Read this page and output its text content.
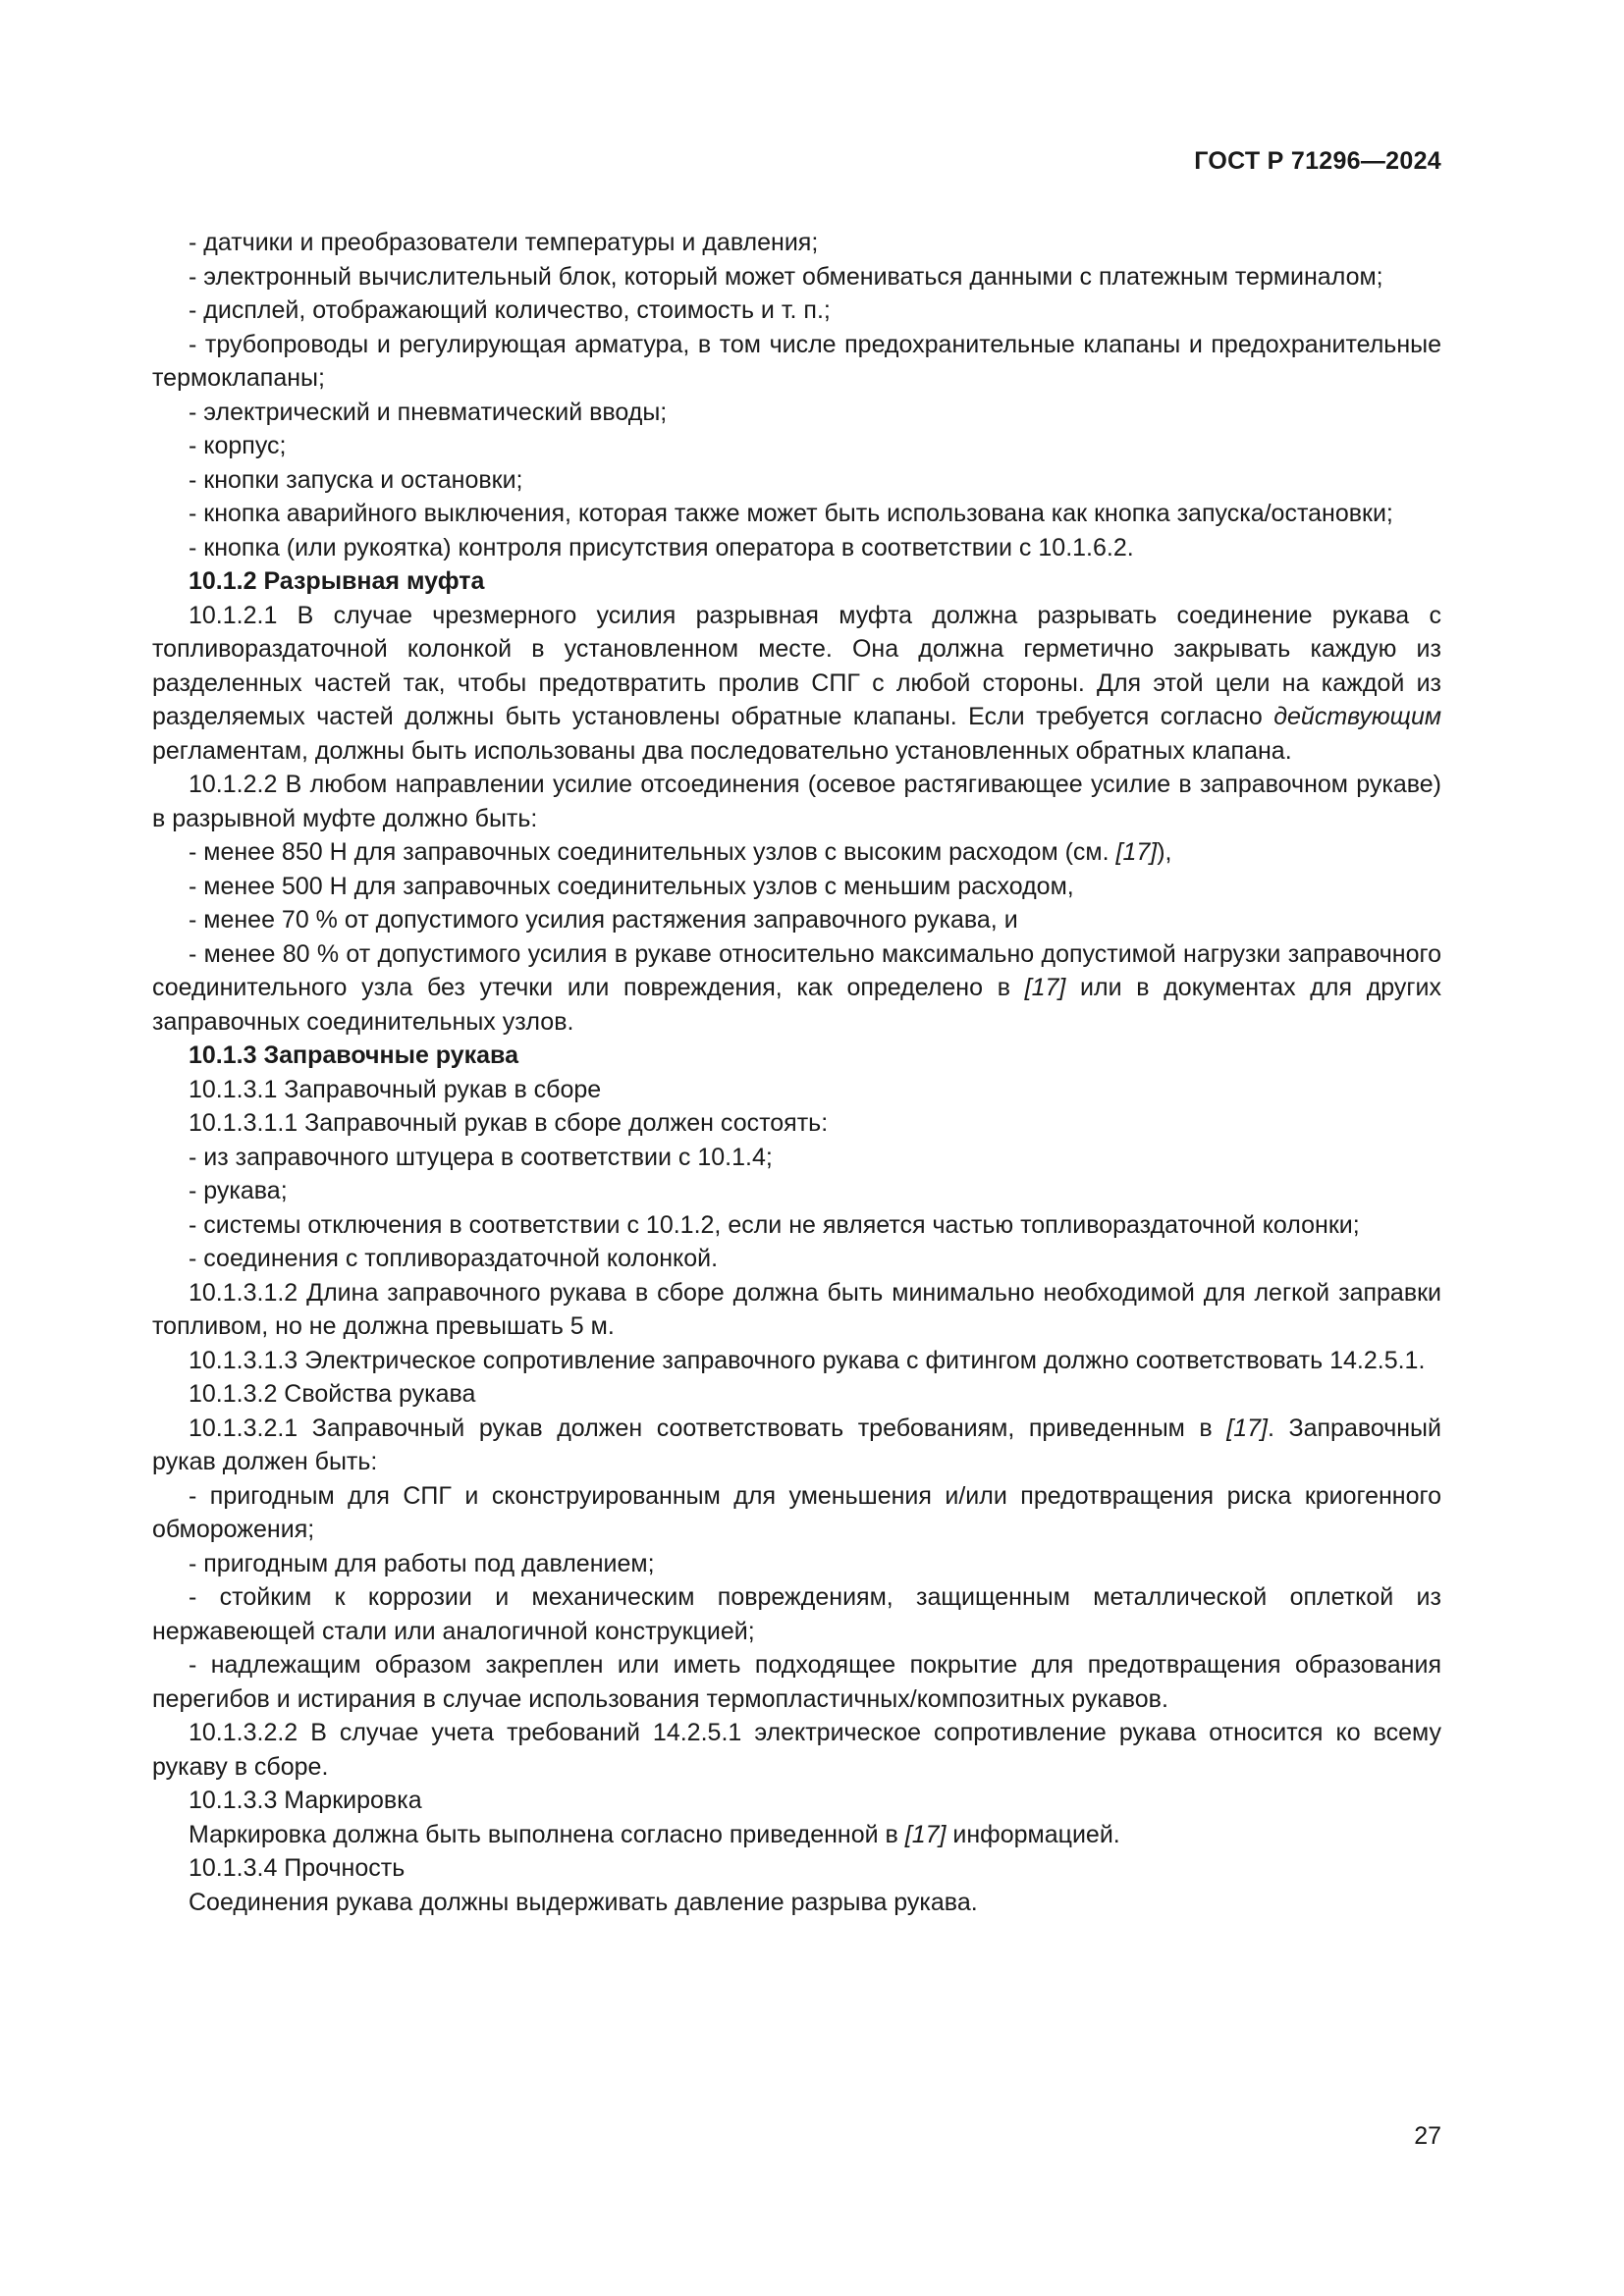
ГОСТ Р 71296—2024

- датчики и преобразователи температуры и давления;

- электронный вычислительный блок, который может обмениваться данными с платежным терминалом;

- дисплей, отображающий количество, стоимость и т. п.;

- трубопроводы и регулирующая арматура, в том числе предохранительные клапаны и предохранительные термоклапаны;

- электрический и пневматический вводы;

- корпус;

- кнопки запуска и остановки;

- кнопка аварийного выключения, которая также может быть использована как кнопка запуска/остановки;

- кнопка (или рукоятка) контроля присутствия оператора в соответствии с 10.1.6.2.

10.1.2 Разрывная муфта

10.1.2.1 В случае чрезмерного усилия разрывная муфта должна разрывать соединение рукава с топливораздаточной колонкой в установленном месте. Она должна герметично закрывать каждую из разделенных частей так, чтобы предотвратить пролив СПГ с любой стороны. Для этой цели на каждой из разделяемых частей должны быть установлены обратные клапаны. Если требуется согласно действующим регламентам, должны быть использованы два последовательно установленных обратных клапана.

10.1.2.2 В любом направлении усилие отсоединения (осевое растягивающее усилие в заправочном рукаве) в разрывной муфте должно быть:

- менее 850 Н для заправочных соединительных узлов с высоким расходом (см. [17]),

- менее 500 Н для заправочных соединительных узлов с меньшим расходом,

- менее 70 % от допустимого усилия растяжения заправочного рукава, и

- менее 80 % от допустимого усилия в рукаве относительно максимально допустимой нагрузки заправочного соединительного узла без утечки или повреждения, как определено в [17] или в документах для других заправочных соединительных узлов.

10.1.3 Заправочные рукава

10.1.3.1 Заправочный рукав в сборе

10.1.3.1.1 Заправочный рукав в сборе должен состоять:

- из заправочного штуцера в соответствии с 10.1.4;

- рукава;

- системы отключения в соответствии с 10.1.2, если не является частью топливораздаточной колонки;

- соединения с топливораздаточной колонкой.

10.1.3.1.2 Длина заправочного рукава в сборе должна быть минимально необходимой для легкой заправки топливом, но не должна превышать 5 м.

10.1.3.1.3 Электрическое сопротивление заправочного рукава с фитингом должно соответствовать 14.2.5.1.

10.1.3.2 Свойства рукава

10.1.3.2.1 Заправочный рукав должен соответствовать требованиям, приведенным в [17]. Заправочный рукав должен быть:

- пригодным для СПГ и сконструированным для уменьшения и/или предотвращения риска криогенного обморожения;

- пригодным для работы под давлением;

- стойким к коррозии и механическим повреждениям, защищенным металлической оплеткой из нержавеющей стали или аналогичной конструкцией;

- надлежащим образом закреплен или иметь подходящее покрытие для предотвращения образования перегибов и истирания в случае использования термопластичных/композитных рукавов.

10.1.3.2.2 В случае учета требований 14.2.5.1 электрическое сопротивление рукава относится ко всему рукаву в сборе.

10.1.3.3 Маркировка

Маркировка должна быть выполнена согласно приведенной в [17] информацией.

10.1.3.4 Прочность

Соединения рукава должны выдерживать давление разрыва рукава.

27
